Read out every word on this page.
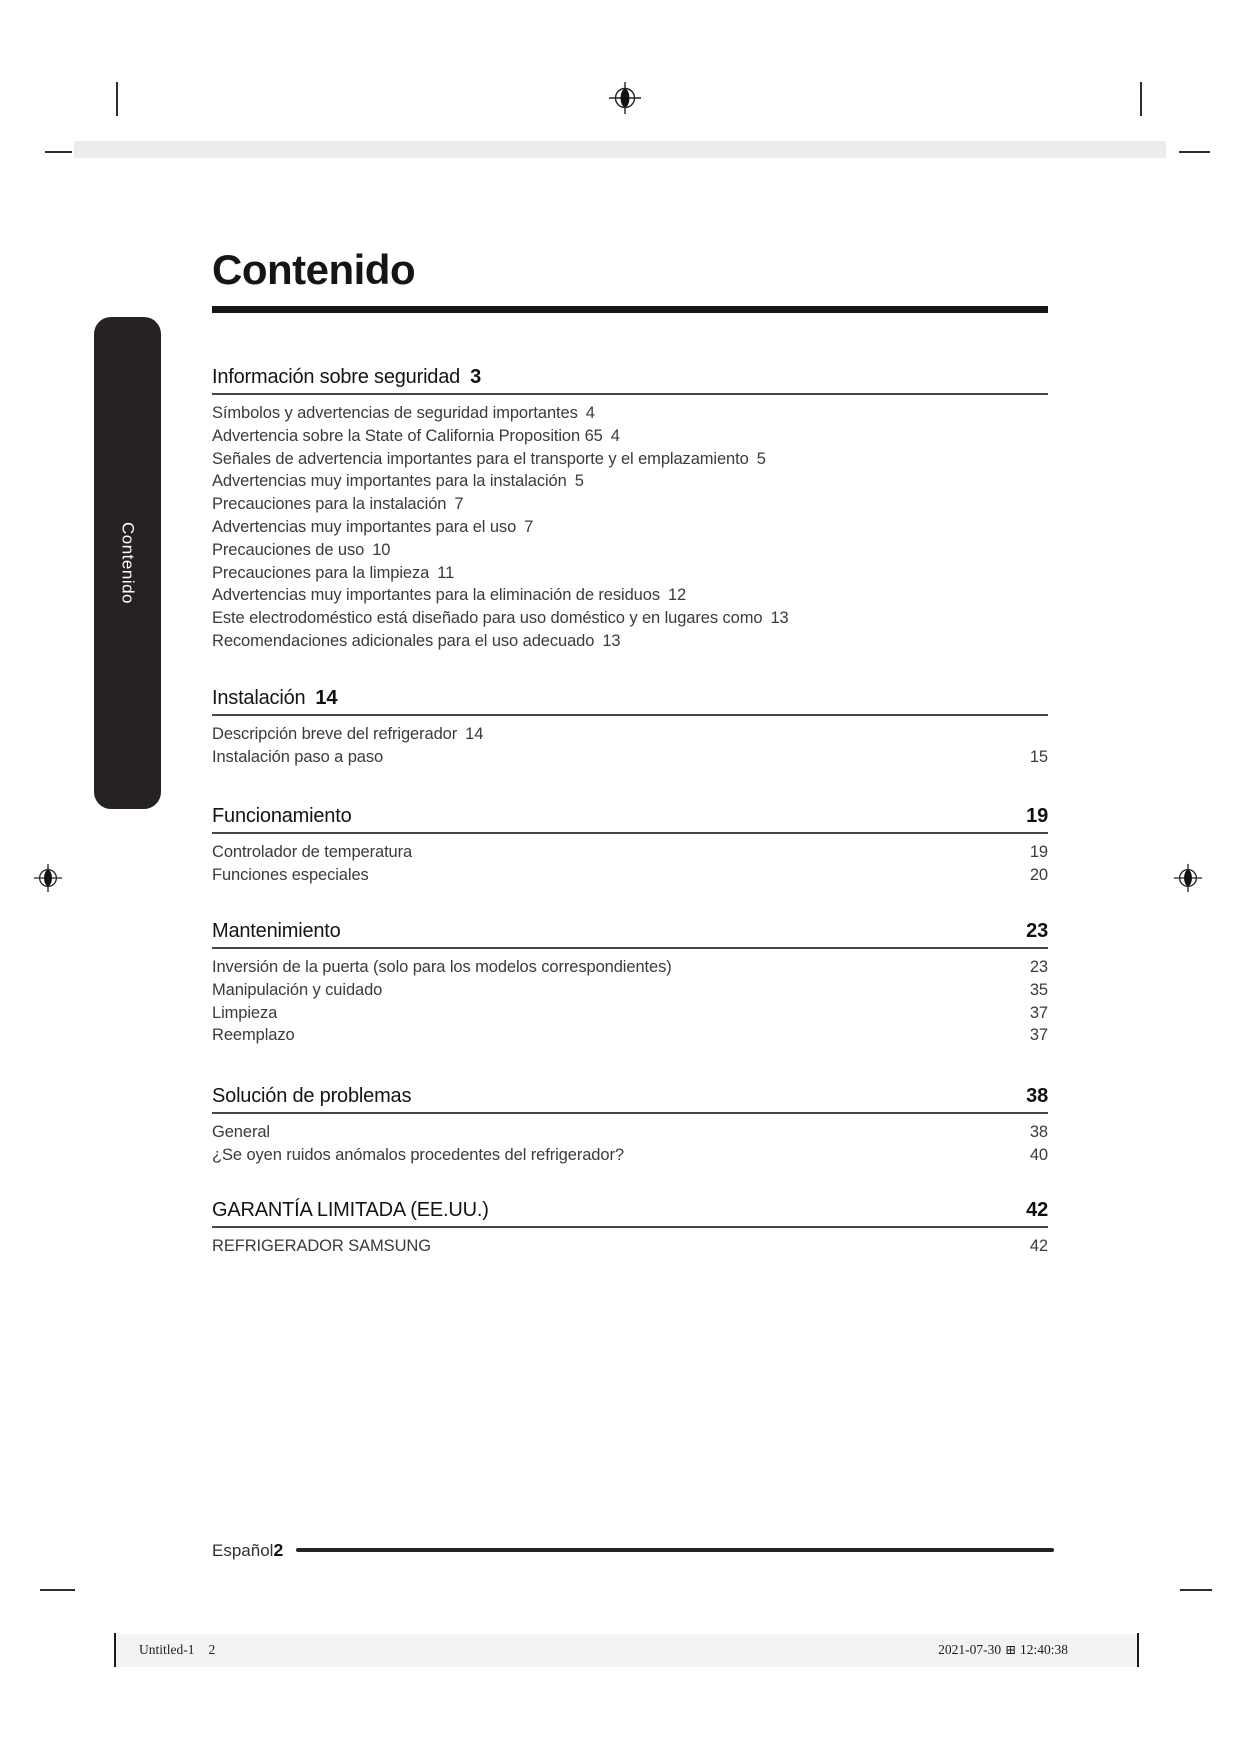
Contenido
Contenido
Información sobre seguridad 3
Símbolos y advertencias de seguridad importantes 4
Advertencia sobre la State of California Proposition 65 4
Señales de advertencia importantes para el transporte y el emplazamiento 5
Advertencias muy importantes para la instalación 5
Precauciones para la instalación 7
Advertencias muy importantes para el uso 7
Precauciones de uso 10
Precauciones para la limpieza 11
Advertencias muy importantes para la eliminación de residuos 12
Este electrodoméstico está diseñado para uso doméstico y en lugares como 13
Recomendaciones adicionales para el uso adecuado 13
Instalación 14
Descripción breve del refrigerador 14
Instalación paso a paso	15
Funcionamiento	19
Controlador de temperatura	19
Funciones especiales	20
Mantenimiento	23
Inversión de la puerta (solo para los modelos correspondientes)	23
Manipulación y cuidado	35
Limpieza	37
Reemplazo	37
Solución de problemas	38
General	38
¿Se oyen ruidos anómalos procedentes del refrigerador?	40
GARANTÍA LIMITADA (EE.UU.)	42
REFRIGERADOR SAMSUNG	42
Español2
Untitled-1 2	2021-07-30 ⊞ 12:40:38
